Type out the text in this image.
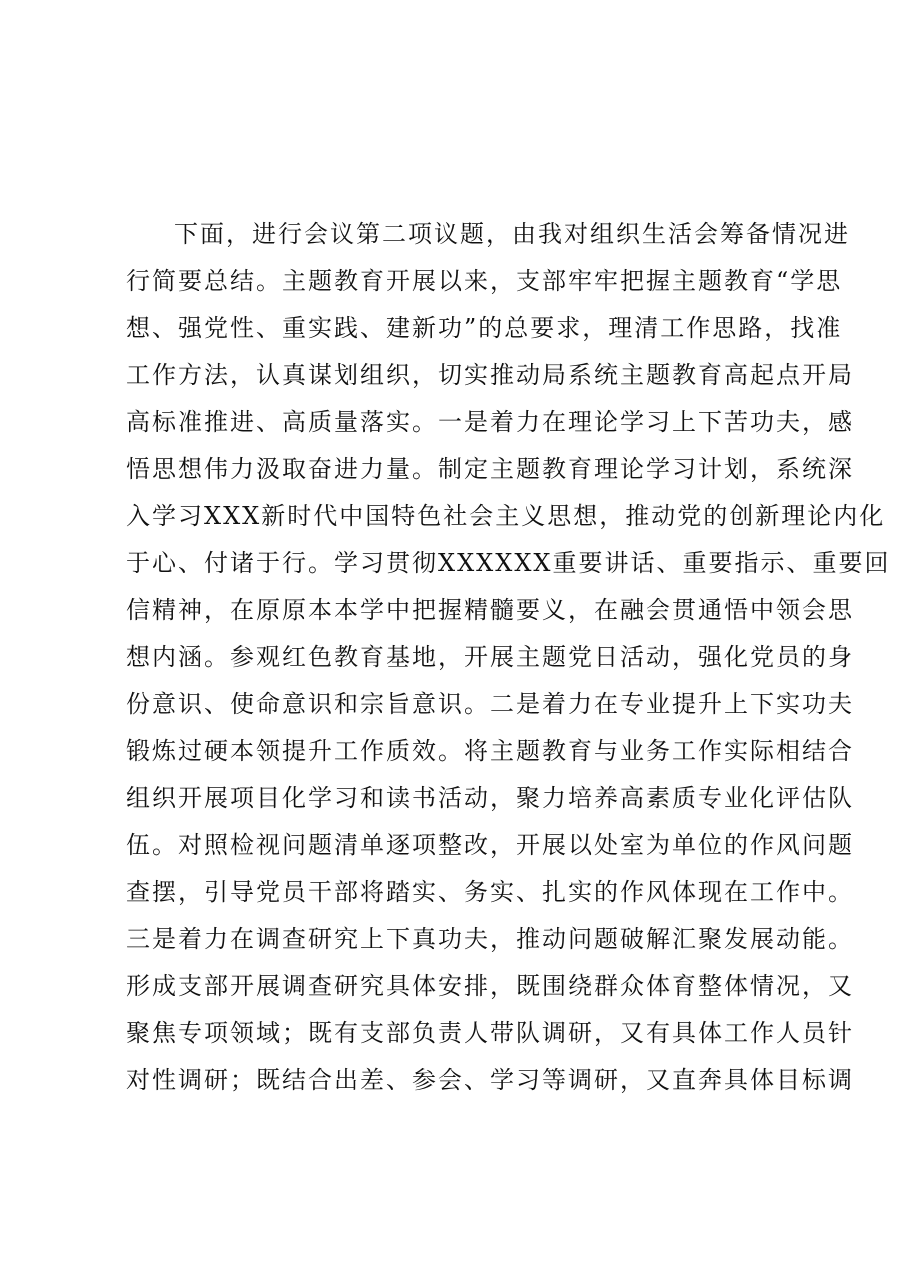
下面，进行会议第二项议题，由我对组织生活会筹备情况进
行简要总结。主题教育开展以来，支部牢牢把握主题教育“学思
想、强党性、重实践、建新功”的总要求，理清工作思路，找准
工作方法，认真谋划组织，切实推动局系统主题教育高起点开局
高标准推进、高质量落实。一是着力在理论学习上下苦功夫，感
悟思想伟力汲取奋进力量。制定主题教育理论学习计划，系统深
入学习XXX新时代中国特色社会主义思想，推动党的创新理论内化
于心、付诸于行。学习贯彻XXXXXX重要讲话、重要指示、重要回
信精神，在原原本本学中把握精髓要义，在融会贯通悟中领会思
想内涵。参观红色教育基地，开展主题党日活动，强化党员的身
份意识、使命意识和宗旨意识。二是着力在专业提升上下实功夫
锻炼过硬本领提升工作质效。将主题教育与业务工作实际相结合
组织开展项目化学习和读书活动，聚力培养高素质专业化评估队
伍。对照检视问题清单逐项整改，开展以处室为单位的作风问题
查摆，引导党员干部将踏实、务实、扎实的作风体现在工作中。
三是着力在调查研究上下真功夫，推动问题破解汇聚发展动能。
形成支部开展调查研究具体安排，既围绕群众体育整体情况，又
聚焦专项领域；既有支部负责人带队调研，又有具体工作人员针
对性调研；既结合出差、参会、学习等调研，又直奔具体目标调
